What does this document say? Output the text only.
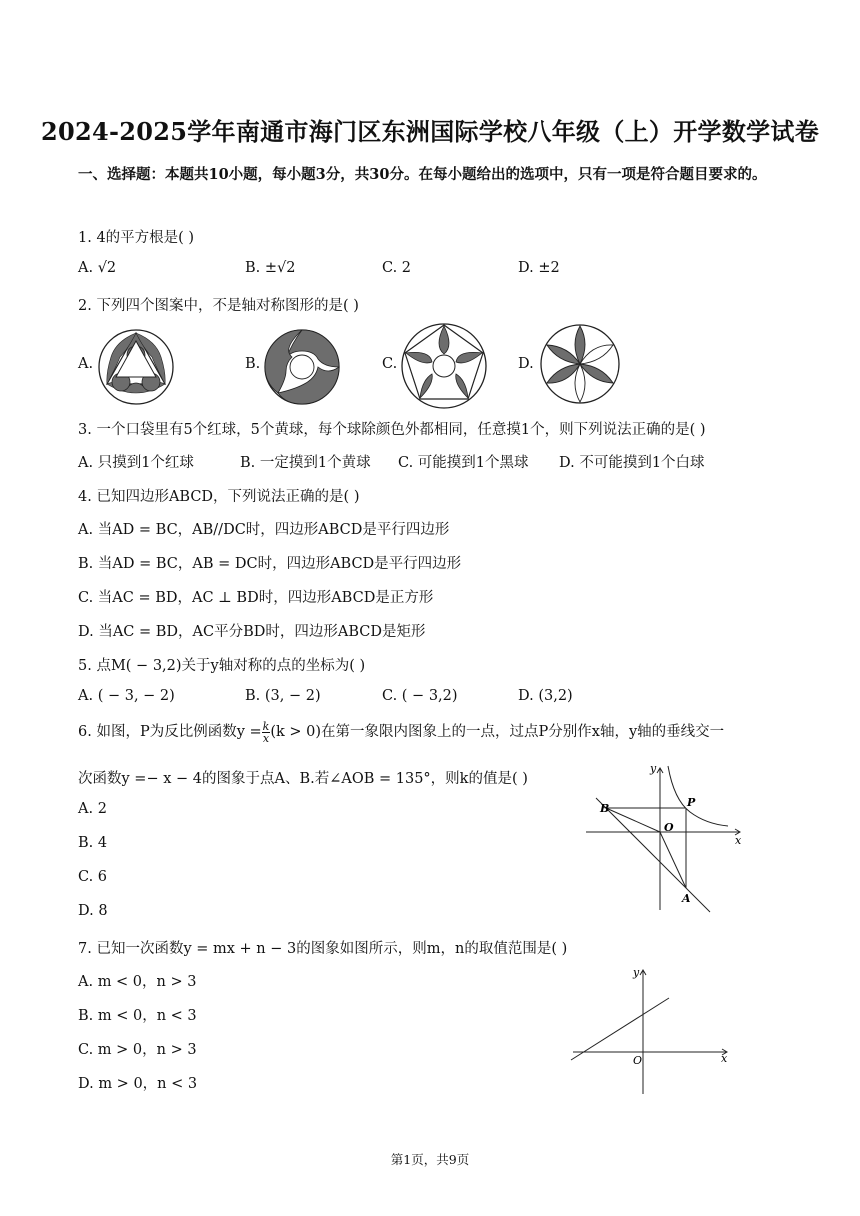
2024-2025学年南通市海门区东洲国际学校八年级（上）开学数学试卷
一、选择题：本题共10小题，每小题3分，共30分。在每小题给出的选项中，只有一项是符合题目要求的。
1. 4的平方根是( )
A. √2	B. ±√2	C. 2	D. ±2
2. 下列四个图案中，不是轴对称图形的是( )
A.	B.	C.	D.
3. 一个口袋里有5个红球，5个黄球，每个球除颜色外都相同，任意摸1个，则下列说法正确的是( )
A. 只摸到1个红球	B. 一定摸到1个黄球 C. 可能摸到1个黑球 D. 不可能摸到1个白球
4. 已知四边形ABCD，下列说法正确的是( )
A. 当AD = BC，AB//DC时，四边形ABCD是平行四边形
B. 当AD = BC，AB = DC时，四边形ABCD是平行四边形
C. 当AC = BD，AC ⊥ BD时，四边形ABCD是正方形
D. 当AC = BD，AC平分BD时，四边形ABCD是矩形
5. 点M( − 3,2)关于y轴对称的点的坐标为( )
A. ( − 3, − 2)	B. (3, − 2)	C. ( − 3,2)	D. (3,2)
6. 如图，P为反比例函数$y = \frac{k}{x} (k > 0)$在第一象限内图象上的一点，过点P分别作x轴，y轴的垂线交一
次函数y =− x − 4的图象于点A、B.若∠AOB = 135°，则k的值是( )
A. 2
B. 4
C. 6
D. 8
y
x
O
P
B
A
7. 已知一次函数y = mx + n − 3的图象如图所示，则m，n的取值范围是( )
A. m < 0，n > 3
B. m < 0，n < 3
C. m > 0，n > 3
D. m > 0，n < 3
y
x
O
第1页，共9页
